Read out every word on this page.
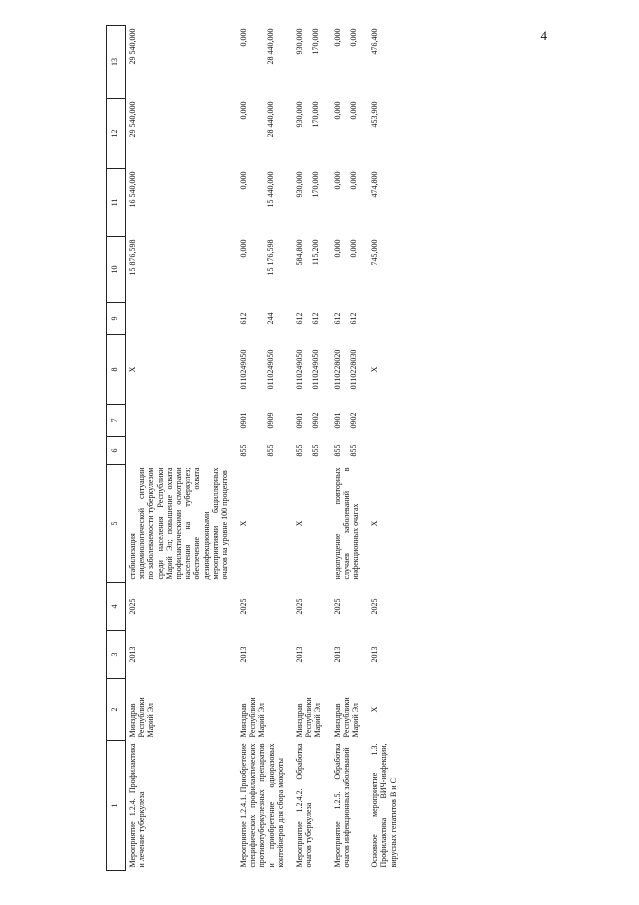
4
1	2	3	4	5	6	7	8	9	10	11	12	13
Мероприятие 1.2.4. Профилактика и лечение туберкулеза	Минздрав Республики Марий Эл	2013	2025	стабилизация эпидемиологической ситуации по заболеваемости туберкулезом среди населения Республики Марий Эл; повышение охвата профилактическими осмотрами населения на туберкулез; обеспечение охвата дезинфекционными мероприятиями бациллярных очагов на уровне 100 процентов			X		15 876,598	16 540,000	29 540,000	29 540,000
Мероприятие 1.2.4.1. Приобретение специфических профилактических противотуберкулезных препаратов и приобретение одноразовых контейнеров для сбора мокроты	Минздрав Республики Марий Эл	2013	2025	X	855	0901	0110249050	612	0,000	0,000	0,000	0,000
					855	0909	0110249050	244	15 176,598	15 440,000	28 440,000	28 440,000
Мероприятие 1.2.4.2. Обработка очагов туберкулеза	Минздрав Республики Марий Эл	2013	2025	X	855	0901	0110249050	612	584,800	930,000	930,000	930,000
					855	0902	0110249050	612	115,200	170,000	170,000	170,000
Мероприятие 1.2.5. Обработка очагов инфекционных заболеваний	Минздрав Республики Марий Эл	2013	2025	недопущение повторных случаев заболеваний в инфекционных очагах	855	0901	0110228020	612	0,000	0,000	0,000	0,000
					855	0902	0110228030	612	0,000	0,000	0,000	0,000
Основное мероприятие 1.3. Профилактика ВИЧ-инфекции, вирусных гепатитов В и С	X	2013	2025	X			X		745,000	474,800	453,900	476,400
